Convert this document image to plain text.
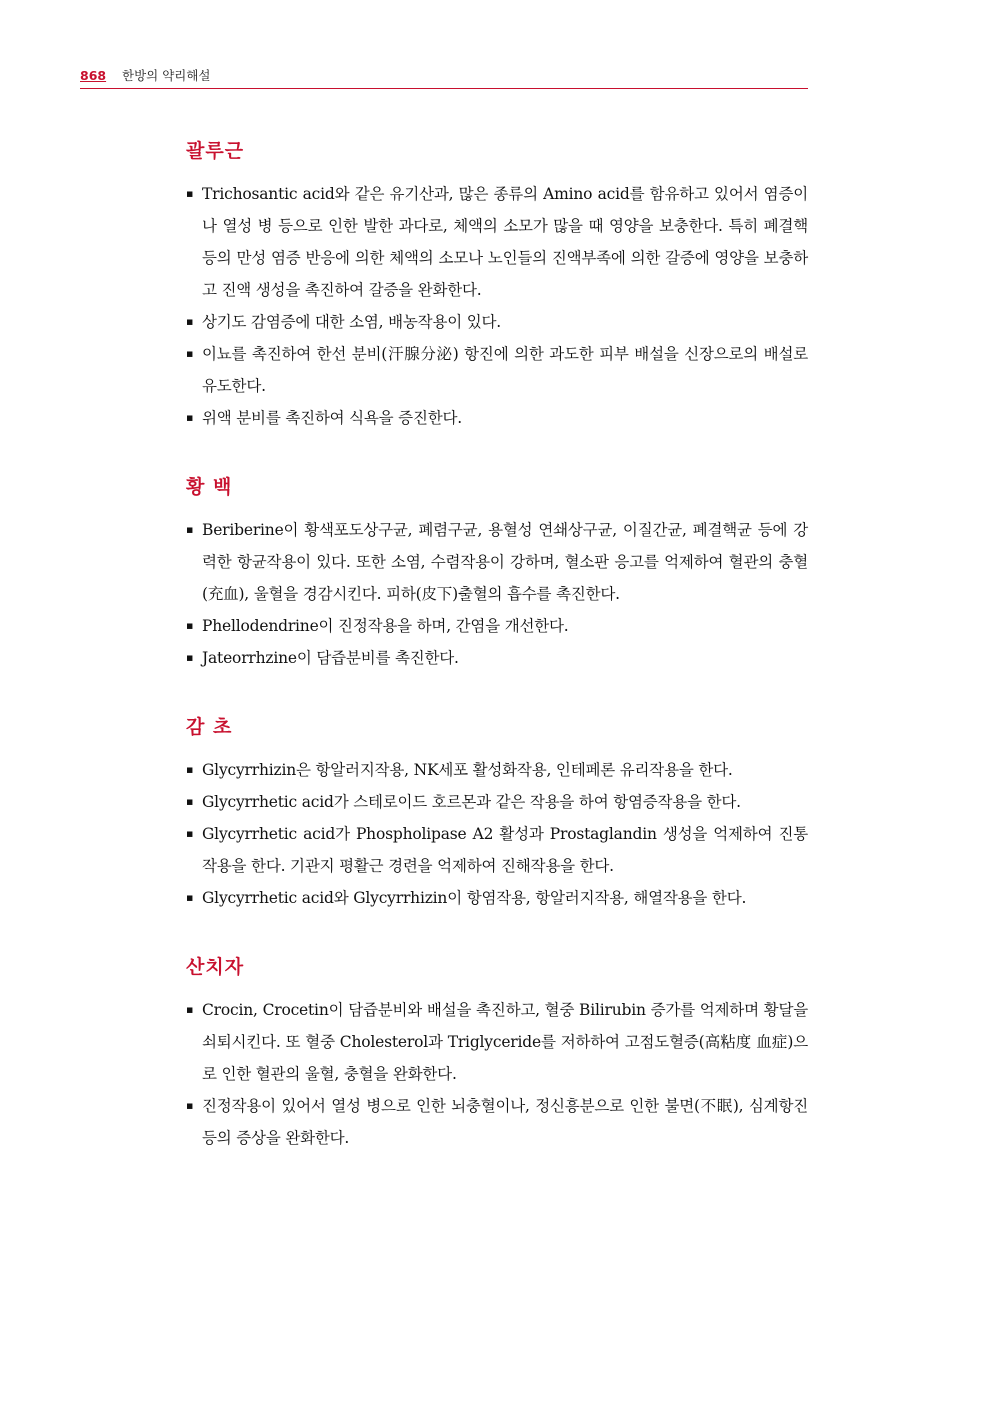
868 한방의 약리해설
괄루근
▪ Trichosantic acid와 같은 유기산과, 많은 종류의 Amino acid를 함유하고 있어서 염증이나 열성 병 등으로 인한 발한 과다로, 체액의 소모가 많을 때 영양을 보충한다. 특히 폐결핵 등의 만성 염증 반응에 의한 체액의 소모나 노인들의 진액부족에 의한 갈증에 영양을 보충하고 진액 생성을 촉진하여 갈증을 완화한다.
▪ 상기도 감염증에 대한 소염, 배농작용이 있다.
▪ 이뇨를 촉진하여 한선 분비(汗腺分泌) 항진에 의한 과도한 피부 배설을 신장으로의 배설로 유도한다.
▪ 위액 분비를 촉진하여 식욕을 증진한다.
황 백
▪ Beriberine이 황색포도상구균, 폐렴구균, 용혈성 연쇄상구균, 이질간균, 폐결핵균 등에 강력한 항균작용이 있다. 또한 소염, 수렴작용이 강하며, 혈소판 응고를 억제하여 혈관의 충혈(充血), 울혈을 경감시킨다. 피하(皮下)출혈의 흡수를 촉진한다.
▪ Phellodendrine이 진정작용을 하며, 간염을 개선한다.
▪ Jateorrhzine이 담즙분비를 촉진한다.
감 초
▪ Glycyrrhizin은 항알러지작용, NK세포 활성화작용, 인테페론 유리작용을 한다.
▪ Glycyrrhetic acid가 스테로이드 호르몬과 같은 작용을 하여 항염증작용을 한다.
▪ Glycyrrhetic acid가 Phospholipase A2 활성과 Prostaglandin 생성을 억제하여 진통작용을 한다. 기관지 평활근 경련을 억제하여 진해작용을 한다.
▪ Glycyrrhetic acid와 Glycyrrhizin이 항염작용, 항알러지작용, 해열작용을 한다.
산치자
▪ Crocin, Crocetin이 담즙분비와 배설을 촉진하고, 혈중 Bilirubin 증가를 억제하며 황달을 쇠퇴시킨다. 또 혈중 Cholesterol과 Triglyceride를 저하하여 고점도혈증(高粘度 血症)으로 인한 혈관의 울혈, 충혈을 완화한다.
▪ 진정작용이 있어서 열성 병으로 인한 뇌충혈이나, 정신흥분으로 인한 불면(不眠), 심계항진 등의 증상을 완화한다.
